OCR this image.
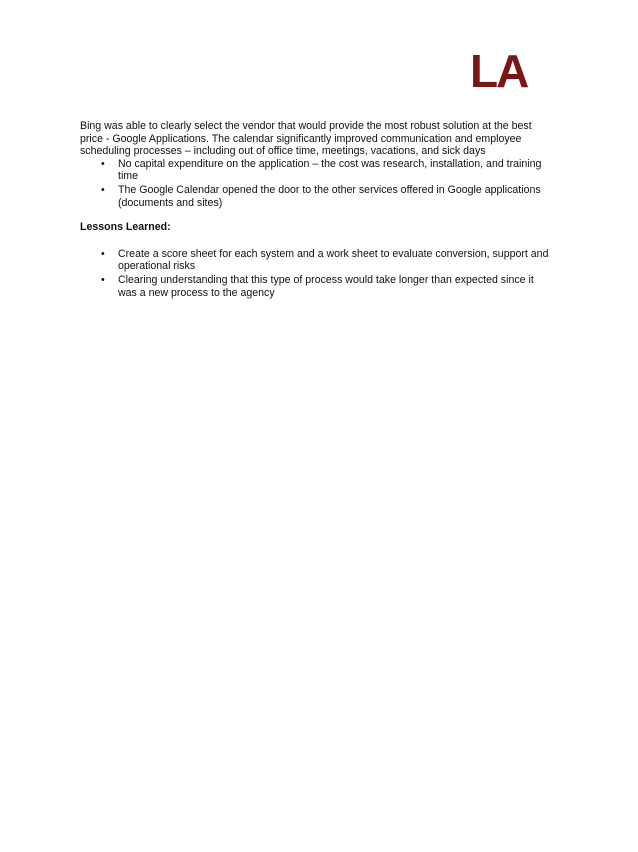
LA

Bing was able to clearly select the vendor that would provide the most robust solution at the best price - Google Applications. The calendar significantly improved communication and employee scheduling processes – including out of office time, meetings, vacations, and sick days

• No capital expenditure on the application – the cost was research, installation, and training time
• The Google Calendar opened the door to the other services offered in Google applications (documents and sites)

Lessons Learned:

• Create a score sheet for each system and a work sheet to evaluate conversion, support and operational risks
• Clearing understanding that this type of process would take longer than expected since it was a new process to the agency
